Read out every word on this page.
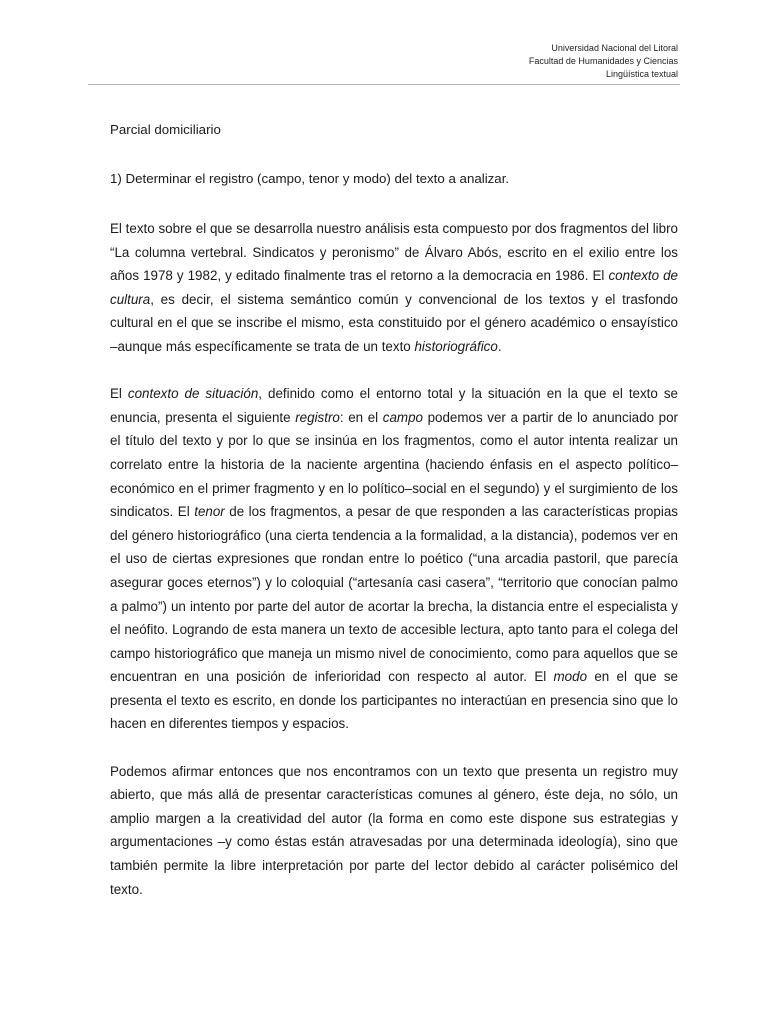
Universidad Nacional del Litoral
Facultad de Humanidades y Ciencias
Lingüística textual

Parcial domiciliario

1) Determinar el registro (campo, tenor y modo) del texto a analizar.

El texto sobre el que se desarrolla nuestro análisis esta compuesto por dos fragmentos del libro “La columna vertebral. Sindicatos y peronismo” de Álvaro Abós, escrito en el exilio entre los años 1978 y 1982, y editado finalmente tras el retorno a la democracia en 1986. El contexto de cultura, es decir, el sistema semántico común y convencional de los textos y el trasfondo cultural en el que se inscribe el mismo, esta constituido por el género académico o ensayístico –aunque más específicamente se trata de un texto historiográfico.

El contexto de situación, definido como el entorno total y la situación en la que el texto se enuncia, presenta el siguiente registro: en el campo podemos ver a partir de lo anunciado por el título del texto y por lo que se insinúa en los fragmentos, como el autor intenta realizar un correlato entre la historia de la naciente argentina (haciendo énfasis en el aspecto político–económico en el primer fragmento y en lo político–social en el segundo) y el surgimiento de los sindicatos. El tenor de los fragmentos, a pesar de que responden a las características propias del género historiográfico (una cierta tendencia a la formalidad, a la distancia), podemos ver en el uso de ciertas expresiones que rondan entre lo poético (“una arcadia pastoril, que parecía asegurar goces eternos”) y lo coloquial (“artesanía casi casera”, “territorio que conocían palmo a palmo”) un intento por parte del autor de acortar la brecha, la distancia entre el especialista y el neófito. Logrando de esta manera un texto de accesible lectura, apto tanto para el colega del campo historiográfico que maneja un mismo nivel de conocimiento, como para aquellos que se encuentran en una posición de inferioridad con respecto al autor. El modo en el que se presenta el texto es escrito, en donde los participantes no interactúan en presencia sino que lo hacen en diferentes tiempos y espacios.

Podemos afirmar entonces que nos encontramos con un texto que presenta un registro muy abierto, que más allá de presentar características comunes al género, éste deja, no sólo, un amplio margen a la creatividad del autor (la forma en como este dispone sus estrategias y argumentaciones –y como éstas están atravesadas por una determinada ideología), sino que también permite la libre interpretación por parte del lector debido al carácter polisémico del texto.
